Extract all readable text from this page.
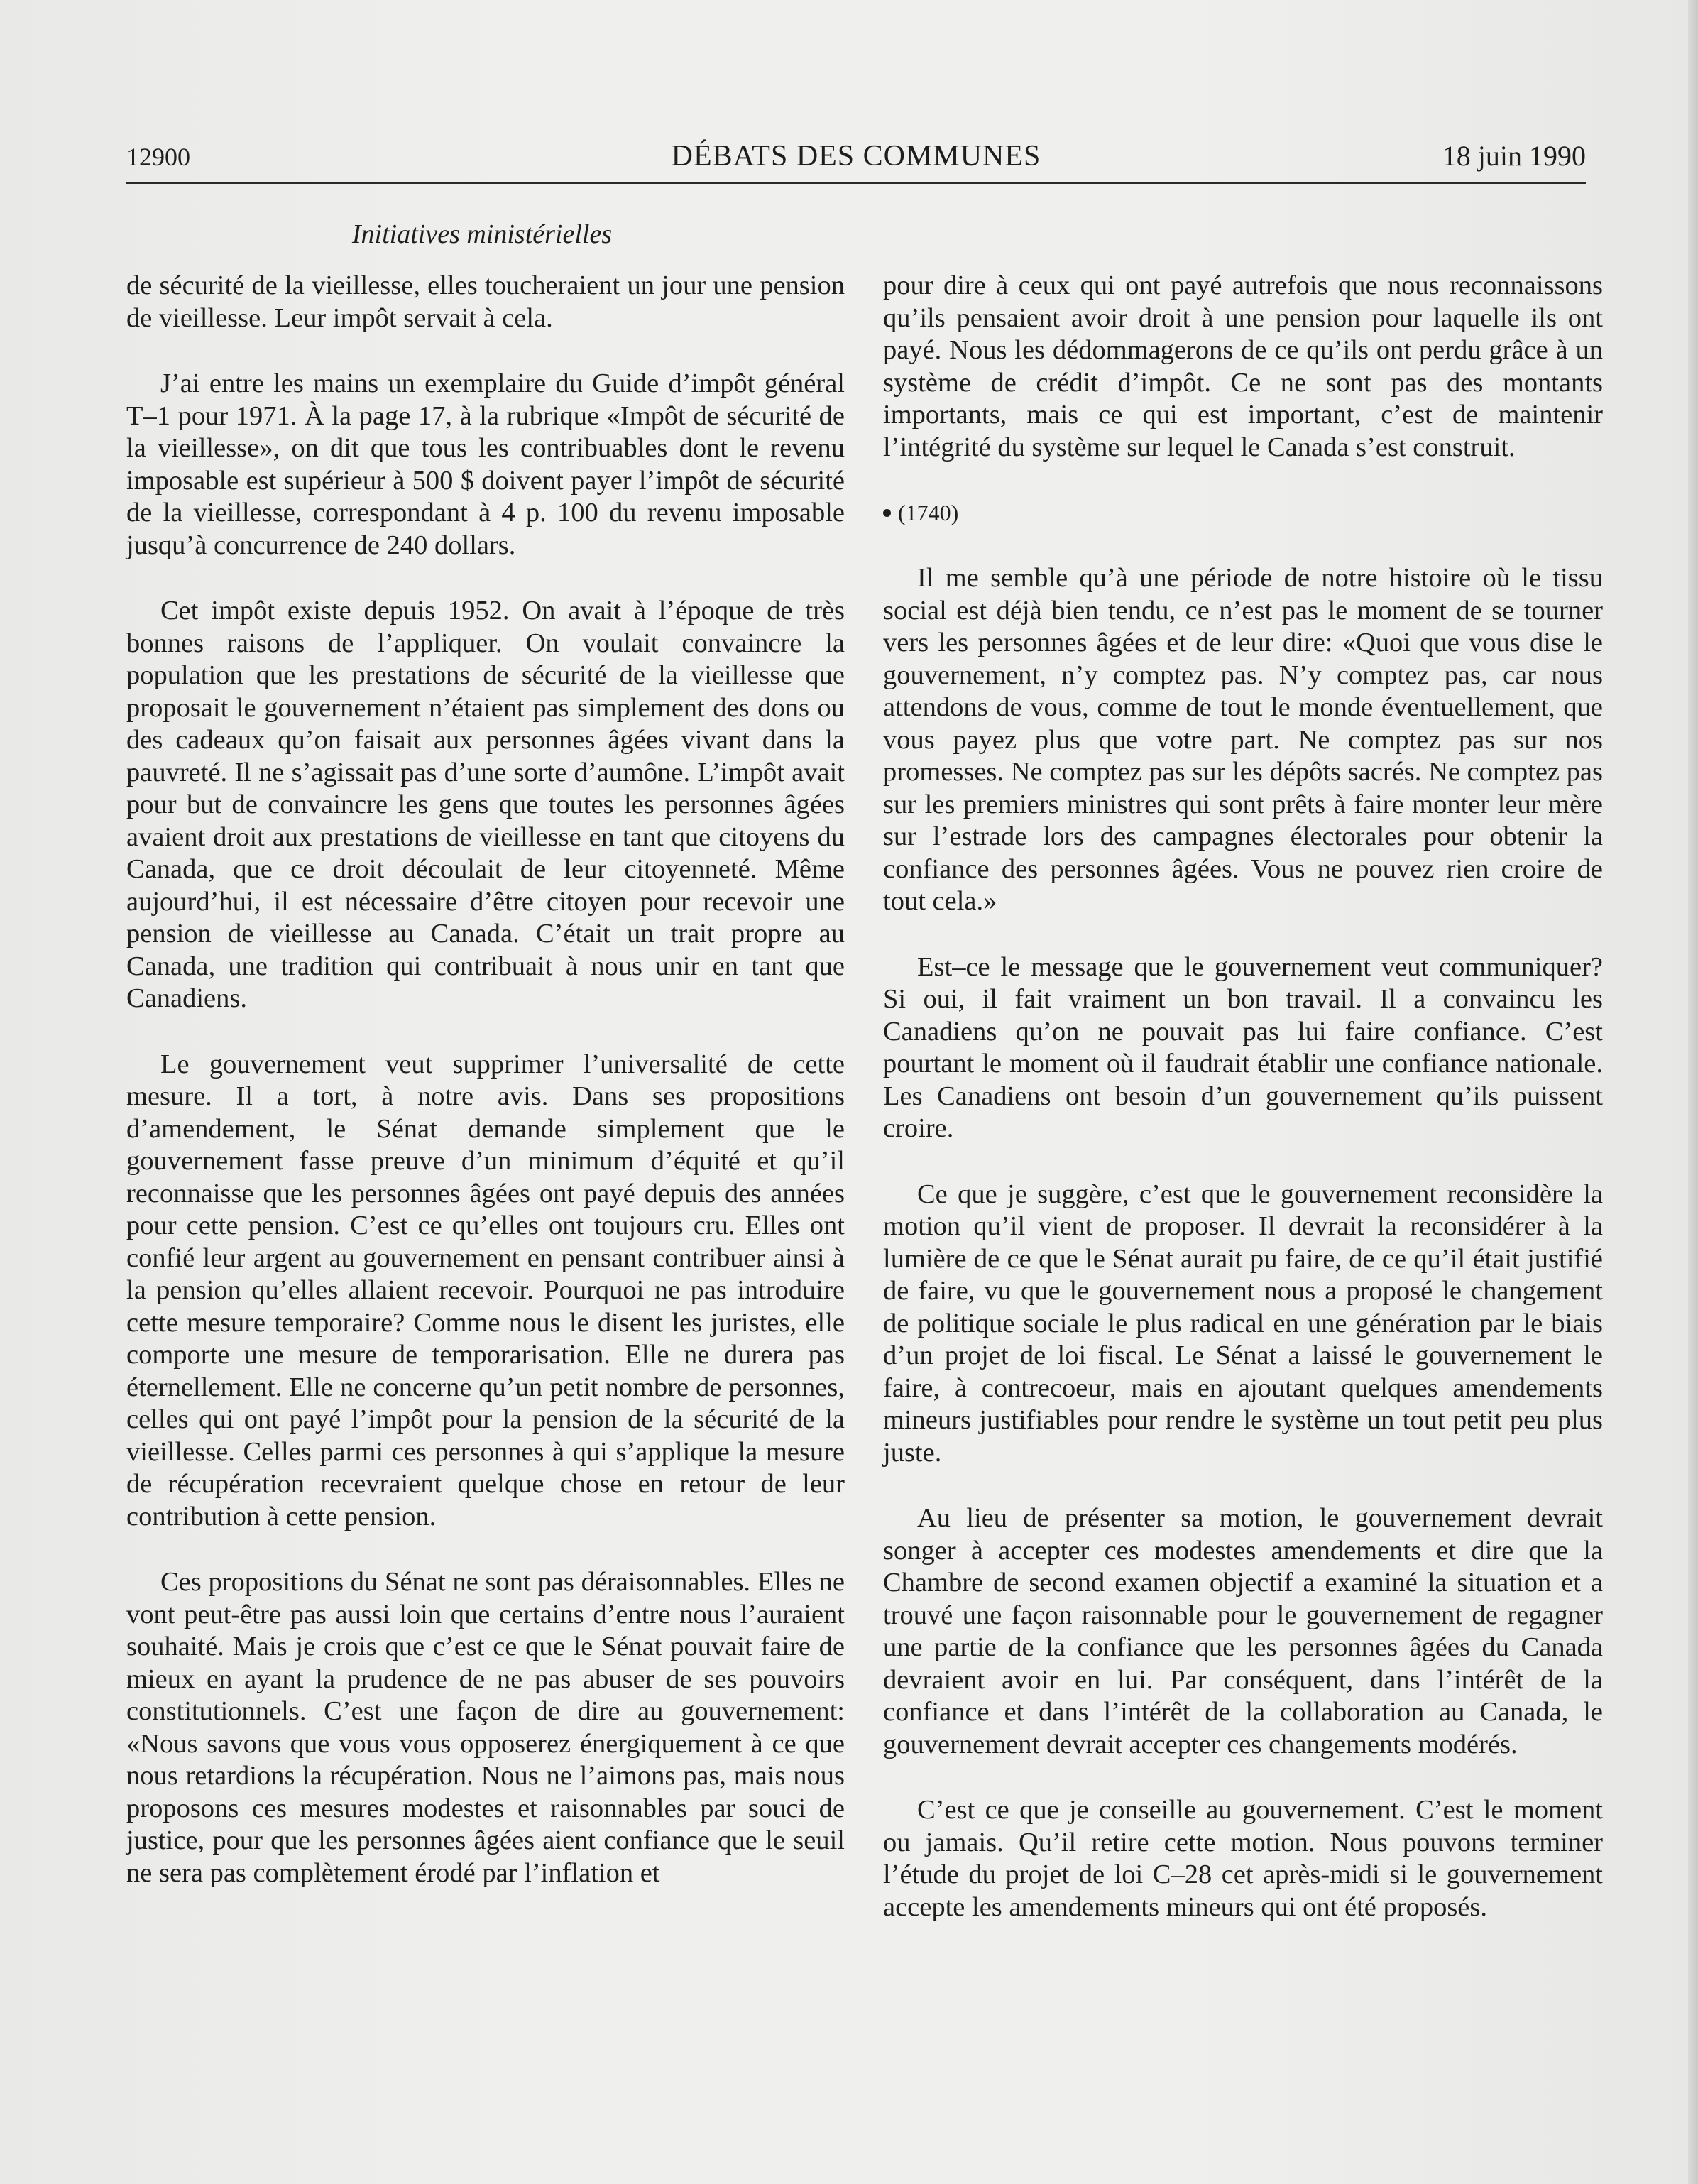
12900	DÉBATS DES COMMUNES	18 juin 1990
Initiatives ministérielles

de sécurité de la vieillesse, elles toucheraient un jour une pension de vieillesse. Leur impôt servait à cela.

J’ai entre les mains un exemplaire du Guide d’impôt général T–1 pour 1971. À la page 17, à la rubrique «Impôt de sécurité de la vieillesse», on dit que tous les contribuables dont le revenu imposable est supérieur à 500 $ doivent payer l’impôt de sécurité de la vieillesse, correspondant à 4 p. 100 du revenu imposable jusqu’à concurrence de 240 dollars.

Cet impôt existe depuis 1952. On avait à l’époque de très bonnes raisons de l’appliquer. On voulait convaincre la population que les prestations de sécurité de la vieillesse que proposait le gouvernement n’étaient pas simplement des dons ou des cadeaux qu’on faisait aux personnes âgées vivant dans la pauvreté. Il ne s’agissait pas d’une sorte d’aumône. L’impôt avait pour but de convaincre les gens que toutes les personnes âgées avaient droit aux prestations de vieillesse en tant que citoyens du Canada, que ce droit découlait de leur citoyenneté. Même aujourd’hui, il est nécessaire d’être citoyen pour recevoir une pension de vieillesse au Canada. C’était un trait propre au Canada, une tradition qui contribuait à nous unir en tant que Canadiens.

Le gouvernement veut supprimer l’universalité de cette mesure. Il a tort, à notre avis. Dans ses propositions d’amendement, le Sénat demande simplement que le gouvernement fasse preuve d’un minimum d’équité et qu’il reconnaisse que les personnes âgées ont payé depuis des années pour cette pension. C’est ce qu’elles ont toujours cru. Elles ont confié leur argent au gouvernement en pensant contribuer ainsi à la pension qu’elles allaient recevoir. Pourquoi ne pas introduire cette mesure temporaire? Comme nous le disent les juristes, elle comporte une mesure de temporarisation. Elle ne durera pas éternellement. Elle ne concerne qu’un petit nombre de personnes, celles qui ont payé l’impôt pour la pension de la sécurité de la vieillesse. Celles parmi ces personnes à qui s’applique la mesure de récupération recevraient quelque chose en retour de leur contribution à cette pension.

Ces propositions du Sénat ne sont pas déraisonnables. Elles ne vont peut-être pas aussi loin que certains d’entre nous l’auraient souhaité. Mais je crois que c’est ce que le Sénat pouvait faire de mieux en ayant la prudence de ne pas abuser de ses pouvoirs constitutionnels. C’est une façon de dire au gouvernement: «Nous savons que vous vous opposerez énergiquement à ce que nous retardions la récupération. Nous ne l’aimons pas, mais nous proposons ces mesures modestes et raisonnables par souci de justice, pour que les personnes âgées aient confiance que le seuil ne sera pas complètement érodé par l’inflation et

pour dire à ceux qui ont payé autrefois que nous reconnaissons qu’ils pensaient avoir droit à une pension pour laquelle ils ont payé. Nous les dédommagerons de ce qu’ils ont perdu grâce à un système de crédit d’impôt. Ce ne sont pas des montants importants, mais ce qui est important, c’est de maintenir l’intégrité du système sur lequel le Canada s’est construit.

(1740)

Il me semble qu’à une période de notre histoire où le tissu social est déjà bien tendu, ce n’est pas le moment de se tourner vers les personnes âgées et de leur dire: «Quoi que vous dise le gouvernement, n’y comptez pas. N’y comptez pas, car nous attendons de vous, comme de tout le monde éventuellement, que vous payez plus que votre part. Ne comptez pas sur nos promesses. Ne comptez pas sur les dépôts sacrés. Ne comptez pas sur les premiers ministres qui sont prêts à faire monter leur mère sur l’estrade lors des campagnes électorales pour obtenir la confiance des personnes âgées. Vous ne pouvez rien croire de tout cela.»

Est–ce le message que le gouvernement veut communiquer? Si oui, il fait vraiment un bon travail. Il a convaincu les Canadiens qu’on ne pouvait pas lui faire confiance. C’est pourtant le moment où il faudrait établir une confiance nationale. Les Canadiens ont besoin d’un gouvernement qu’ils puissent croire.

Ce que je suggère, c’est que le gouvernement reconsidère la motion qu’il vient de proposer. Il devrait la reconsidérer à la lumière de ce que le Sénat aurait pu faire, de ce qu’il était justifié de faire, vu que le gouvernement nous a proposé le changement de politique sociale le plus radical en une génération par le biais d’un projet de loi fiscal. Le Sénat a laissé le gouvernement le faire, à contrecoeur, mais en ajoutant quelques amendements mineurs justifiables pour rendre le système un tout petit peu plus juste.

Au lieu de présenter sa motion, le gouvernement devrait songer à accepter ces modestes amendements et dire que la Chambre de second examen objectif a examiné la situation et a trouvé une façon raisonnable pour le gouvernement de regagner une partie de la confiance que les personnes âgées du Canada devraient avoir en lui. Par conséquent, dans l’intérêt de la confiance et dans l’intérêt de la collaboration au Canada, le gouvernement devrait accepter ces changements modérés.

C’est ce que je conseille au gouvernement. C’est le moment ou jamais. Qu’il retire cette motion. Nous pouvons terminer l’étude du projet de loi C–28 cet après-midi si le gouvernement accepte les amendements mineurs qui ont été proposés.
